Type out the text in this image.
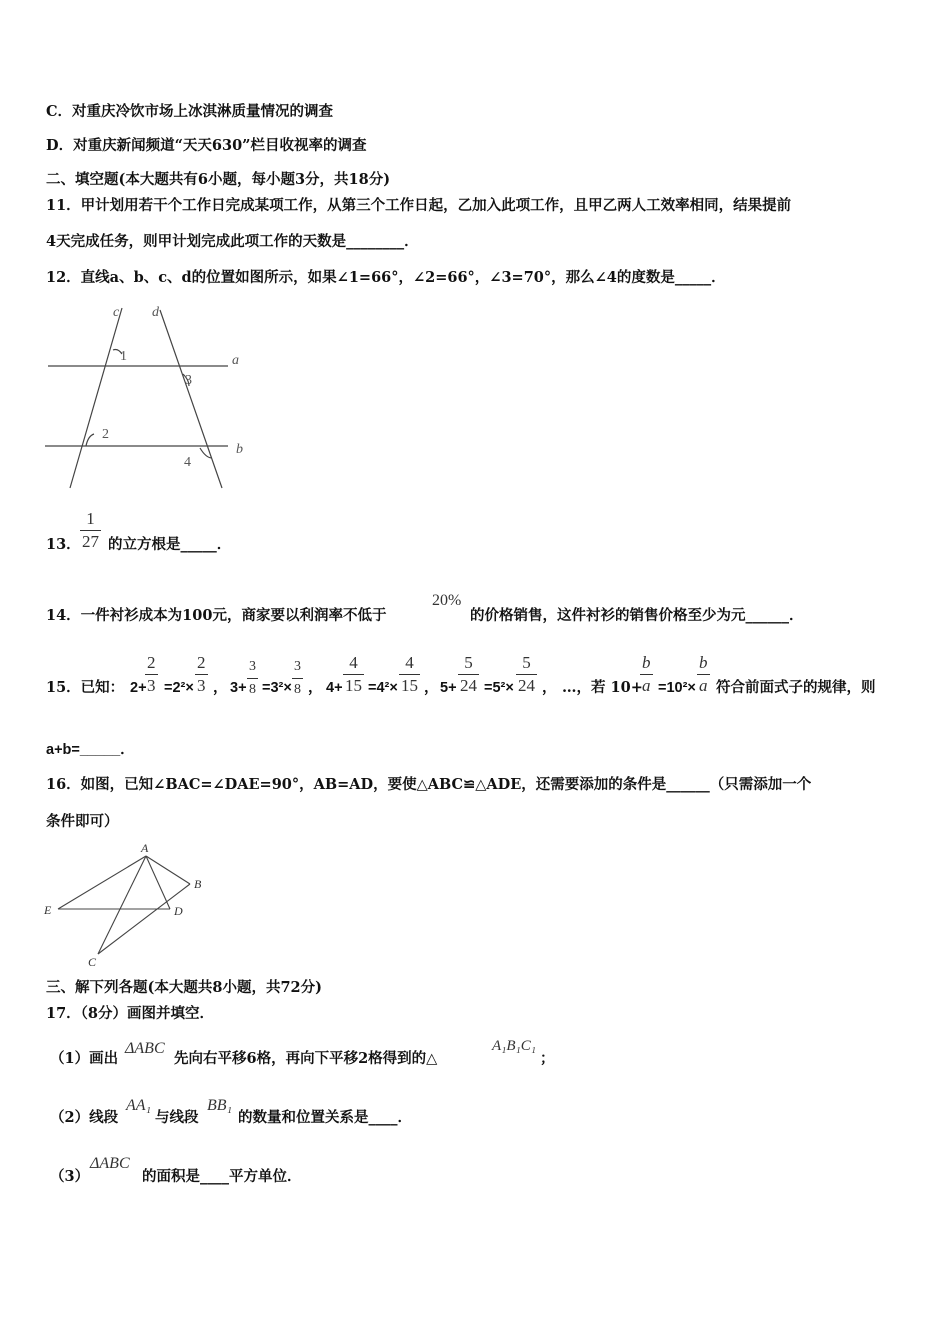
C．对重庆冷饮市场上冰淇淋质量情况的调查
D．对重庆新闻频道“天天630”栏目收视率的调查
二、填空题(本大题共有6小题，每小题3分，共18分)
11．甲计划用若干个工作日完成某项工作，从第三个工作日起，乙加入此项工作，且甲乙两人工效率相同，结果提前
4天完成任务，则甲计划完成此项工作的天数是________．
12．直线a、b、c、d的位置如图所示，如果∠1=66°，∠2=66°，∠3=70°，那么∠4的度数是_____．
c d
a
b
1
2
3
4
13． $\frac{1}{27}$ 的立方根是_____．
14．一件衬衫成本为100元，商家要以利润率不低于
20%
的价格销售，这件衬衫的销售价格至少为元______．
15．已知： 2+
$\frac{2}{3} =2^2\times \frac{2}{3}$ ， $3+ \frac{3}{8} =3^2\times \frac{3}{8}$ ， $4+ \frac{4}{15} =4^2\times \frac{4}{15}$ ， $5+ \frac{5}{24} =5^2\times \frac{5}{24}$ ， …，若 10+
$\frac{b}{a} =10^2\times \frac{b}{a}$ 符合前面式子的规律，则
a+b=_____．
16．如图，已知∠BAC=∠DAE=90°，AB=AD，要使△ABC≌△ADE，还需要添加的条件是______（只需添加一个
条件即可）
A
B
C
D
E
三、解下列各题(本大题共8小题，共72分)
17．（8分）画图并填空．
（1）画出
ΔABC
先向右平移6格，再向下平移2格得到的△
A₁B₁C₁
；
（2）线段
AA₁
与线段
BB₁
的数量和位置关系是____．
（3）
ΔABC
的面积是____平方单位．
